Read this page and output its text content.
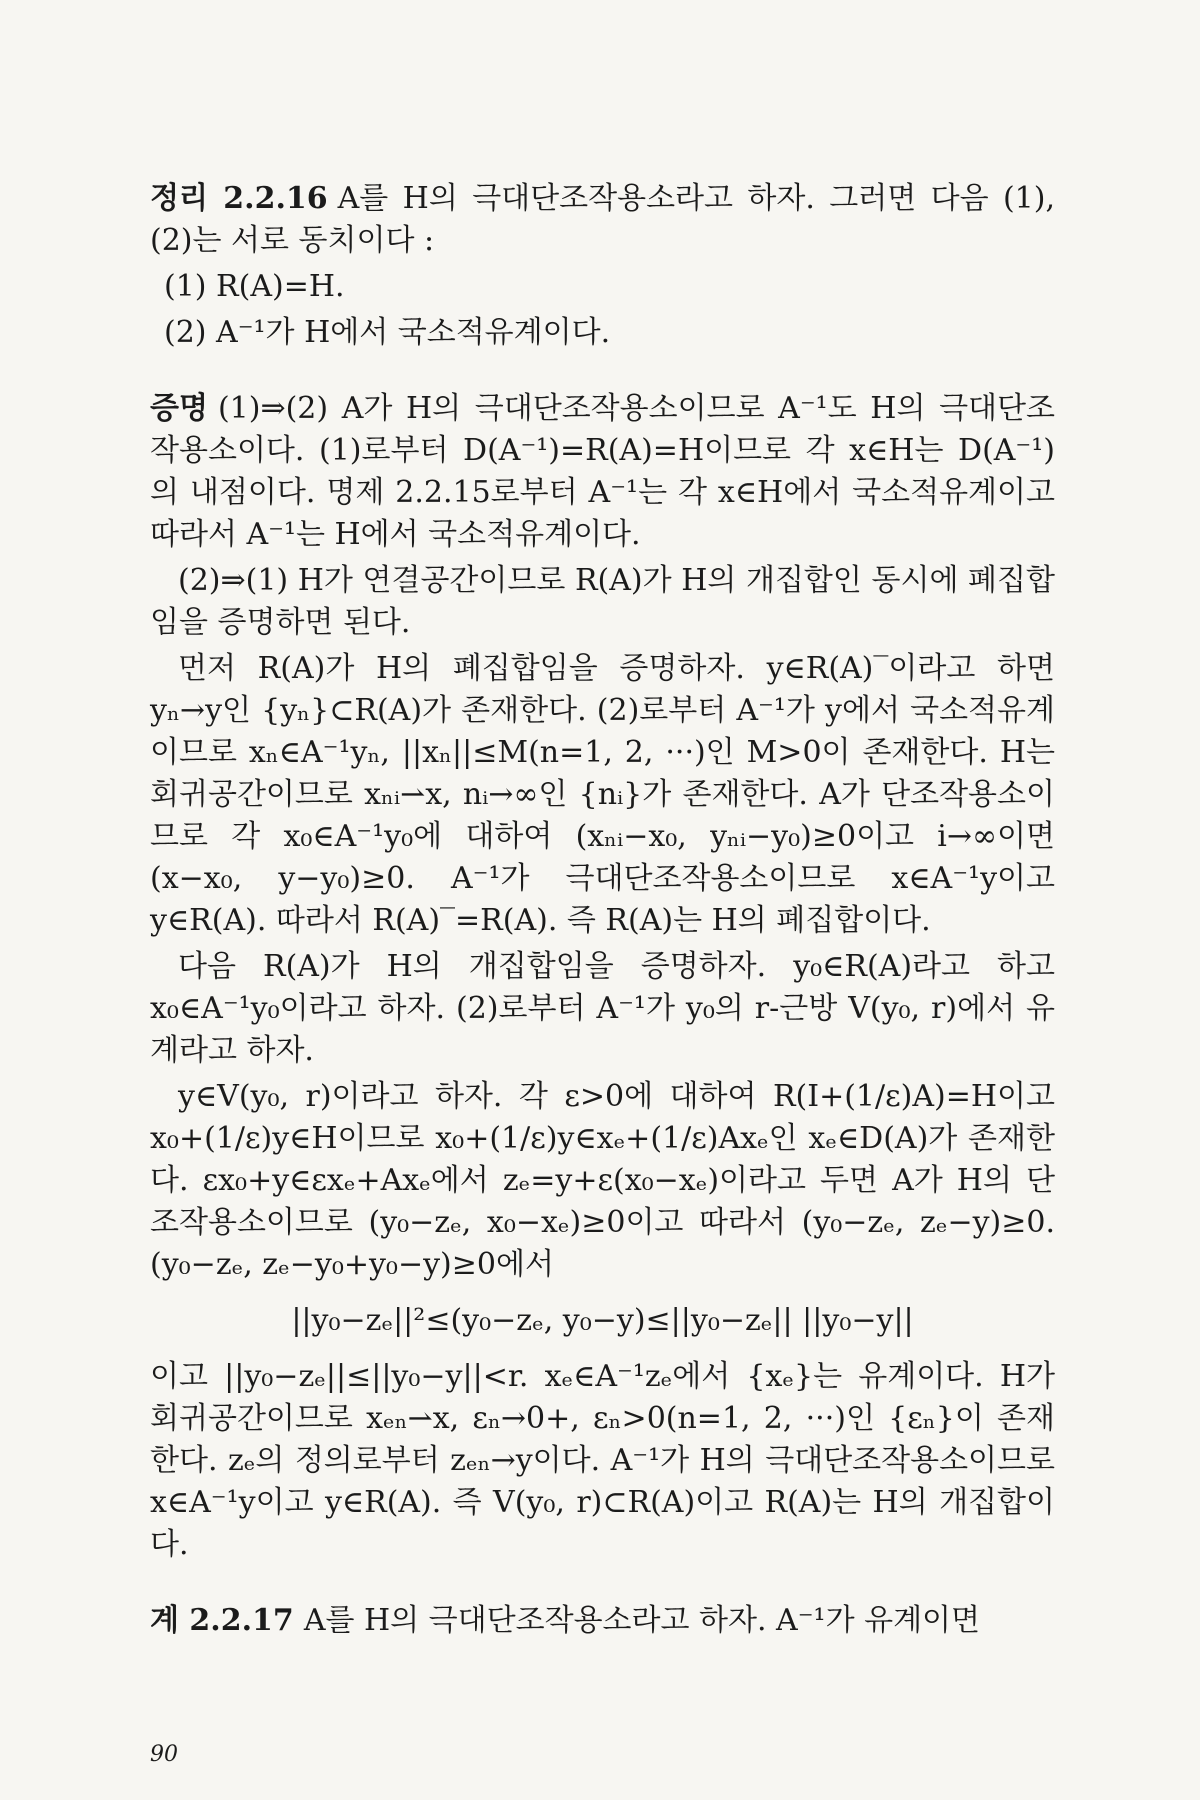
정리 2.2.16 A를 H의 극대단조작용소라고 하자. 그러면 다음 (1), (2)는 서로 동치이다 :

(1) R(A)=H.

(2) A⁻¹가 H에서 국소적유계이다.

증명 (1)⇒(2) A가 H의 극대단조작용소이므로 A⁻¹도 H의 극대단조작용소이다. (1)로부터 D(A⁻¹)=R(A)=H이므로 각 x∈H는 D(A⁻¹)의 내점이다. 명제 2.2.15로부터 A⁻¹는 각 x∈H에서 국소적유계이고 따라서 A⁻¹는 H에서 국소적유계이다.

(2)⇒(1) H가 연결공간이므로 R(A)가 H의 개집합인 동시에 폐집합임을 증명하면 된다.

먼저 R(A)가 H의 폐집합임을 증명하자. y∈R(A)‾이라고 하면 yₙ→y인 {yₙ}⊂R(A)가 존재한다. (2)로부터 A⁻¹가 y에서 국소적유계이므로 xₙ∈A⁻¹yₙ, ||xₙ||≤M(n=1, 2, ···)인 M>0이 존재한다. H는 회귀공간이므로 xₙᵢ⇀x, nᵢ→∞인 {nᵢ}가 존재한다. A가 단조작용소이므로 각 x₀∈A⁻¹y₀에 대하여 (xₙᵢ−x₀, yₙᵢ−y₀)≥0이고 i→∞이면 (x−x₀, y−y₀)≥0. A⁻¹가 극대단조작용소이므로 x∈A⁻¹y이고 y∈R(A). 따라서 R(A)‾=R(A). 즉 R(A)는 H의 폐집합이다.

다음 R(A)가 H의 개집합임을 증명하자. y₀∈R(A)라고 하고 x₀∈A⁻¹y₀이라고 하자. (2)로부터 A⁻¹가 y₀의 r-근방 V(y₀, r)에서 유계라고 하자.

y∈V(y₀, r)이라고 하자. 각 ε>0에 대하여 R(I+(1/ε)A)=H이고 x₀+(1/ε)y∈H이므로 x₀+(1/ε)y∈xₑ+(1/ε)Axₑ인 xₑ∈D(A)가 존재한다. εx₀+y∈εxₑ+Axₑ에서 zₑ=y+ε(x₀−xₑ)이라고 두면 A가 H의 단조작용소이므로 (y₀−zₑ, x₀−xₑ)≥0이고 따라서 (y₀−zₑ, zₑ−y)≥0. (y₀−zₑ, zₑ−y₀+y₀−y)≥0에서

||y₀−zₑ||²≤(y₀−zₑ, y₀−y)≤||y₀−zₑ|| ||y₀−y||

이고 ||y₀−zₑ||≤||y₀−y||<r. xₑ∈A⁻¹zₑ에서 {xₑ}는 유계이다. H가 회귀공간이므로 xₑₙ⇀x, εₙ→0+, εₙ>0(n=1, 2, ···)인 {εₙ}이 존재한다. zₑ의 정의로부터 zₑₙ→y이다. A⁻¹가 H의 극대단조작용소이므로 x∈A⁻¹y이고 y∈R(A). 즉 V(y₀, r)⊂R(A)이고 R(A)는 H의 개집합이다.

계 2.2.17 A를 H의 극대단조작용소라고 하자. A⁻¹가 유계이면

90
